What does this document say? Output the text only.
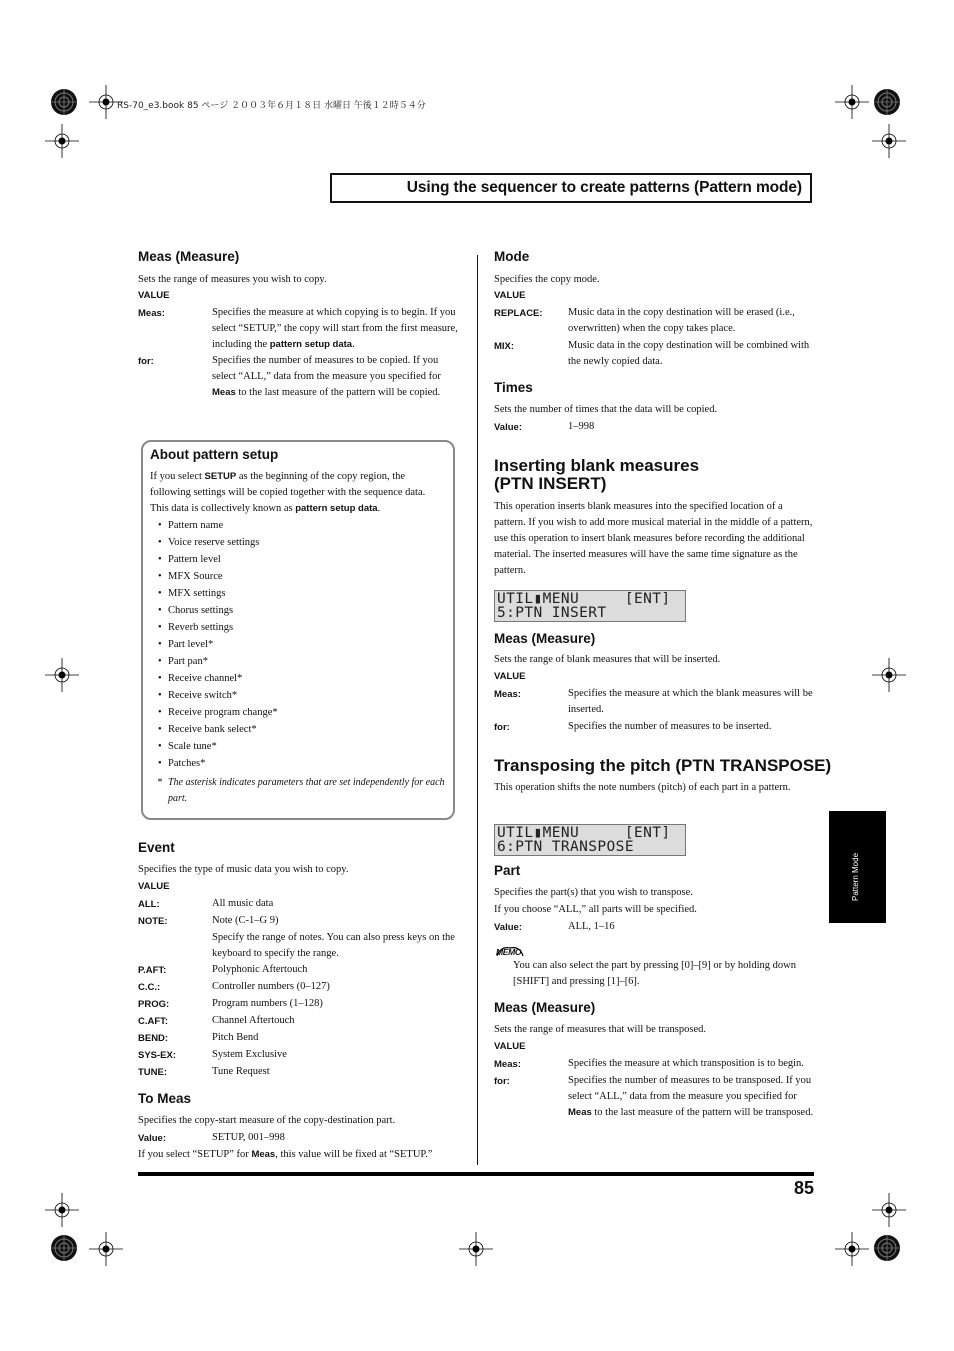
RS-70_e3.book 85 ページ ２００３年６月１８日 水曜日 午後１２時５４分
Using the sequencer to create patterns (Pattern mode)
Meas (Measure)

Sets the range of measures you wish to copy.

VALUE
Meas:	Specifies the measure at which copying is to begin. If you select “SETUP,” the copy will start from the first measure, including the pattern setup data.
for:	Specifies the number of measures to be copied. If you select “ALL,” data from the measure you specified for Meas to the last measure of the pattern will be copied.
About pattern setup

If you select SETUP as the beginning of the copy region, the following settings will be copied together with the sequence data. This data is collectively known as pattern setup data.

• Pattern name
• Voice reserve settings
• Pattern level
• MFX Source
• MFX settings
• Chorus settings
• Reverb settings
• Part level*
• Part pan*
• Receive channel*
• Receive switch*
• Receive program change*
• Receive bank select*
• Scale tune*
• Patches*
* The asterisk indicates parameters that are set independently for each part.
Event

Specifies the type of music data you wish to copy.

VALUE
ALL:	All music data
NOTE:	Note (C-1–G 9)
Specify the range of notes. You can also press keys on the keyboard to specify the range.
P.AFT:	Polyphonic Aftertouch
C.C.:	Controller numbers (0–127)
PROG:	Program numbers (1–128)
C.AFT:	Channel Aftertouch
BEND:	Pitch Bend
SYS-EX:	System Exclusive
TUNE:	Tune Request
To Meas

Specifies the copy-start measure of the copy-destination part.

Value:	SETUP, 001–998

If you select “SETUP” for Meas, this value will be fixed at “SETUP.”

Mode

Specifies the copy mode.

VALUE
REPLACE: Music data in the copy destination will be erased (i.e., overwritten) when the copy takes place.
MIX:	Music data in the copy destination will be combined with the newly copied data.
Times

Sets the number of times that the data will be copied.

Value:	1–998
Inserting blank measures
(PTN INSERT)

This operation inserts blank measures into the specified location of a pattern. If you wish to add more musical material in the middle of a pattern, use this operation to insert blank measures before recording the additional material. The inserted measures will have the same time signature as the pattern.

UTIL▮MENU     [ENT]
5:PTN INSERT
Meas (Measure)

Sets the range of blank measures that will be inserted.

VALUE
Meas:	Specifies the measure at which the blank measures will be inserted.
for:	Specifies the number of measures to be inserted.
Transposing the pitch (PTN TRANSPOSE)

This operation shifts the note numbers (pitch) of each part in a pattern.

UTIL▮MENU     [ENT]
6:PTN TRANSPOSE
Part

Specifies the part(s) that you wish to transpose.

If you choose “ALL,” all parts will be specified.

Value:	ALL, 1–16
MEMO
You can also select the part by pressing [0]–[9] or by holding down [SHIFT] and pressing [1]–[6].
Meas (Measure)

Sets the range of measures that will be transposed.

VALUE
Meas:	Specifies the measure at which transposition is to begin.
for:	Specifies the number of measures to be transposed. If you select “ALL,” data from the measure you specified for Meas to the last measure of the pattern will be transposed.
Pattern Mode
85
